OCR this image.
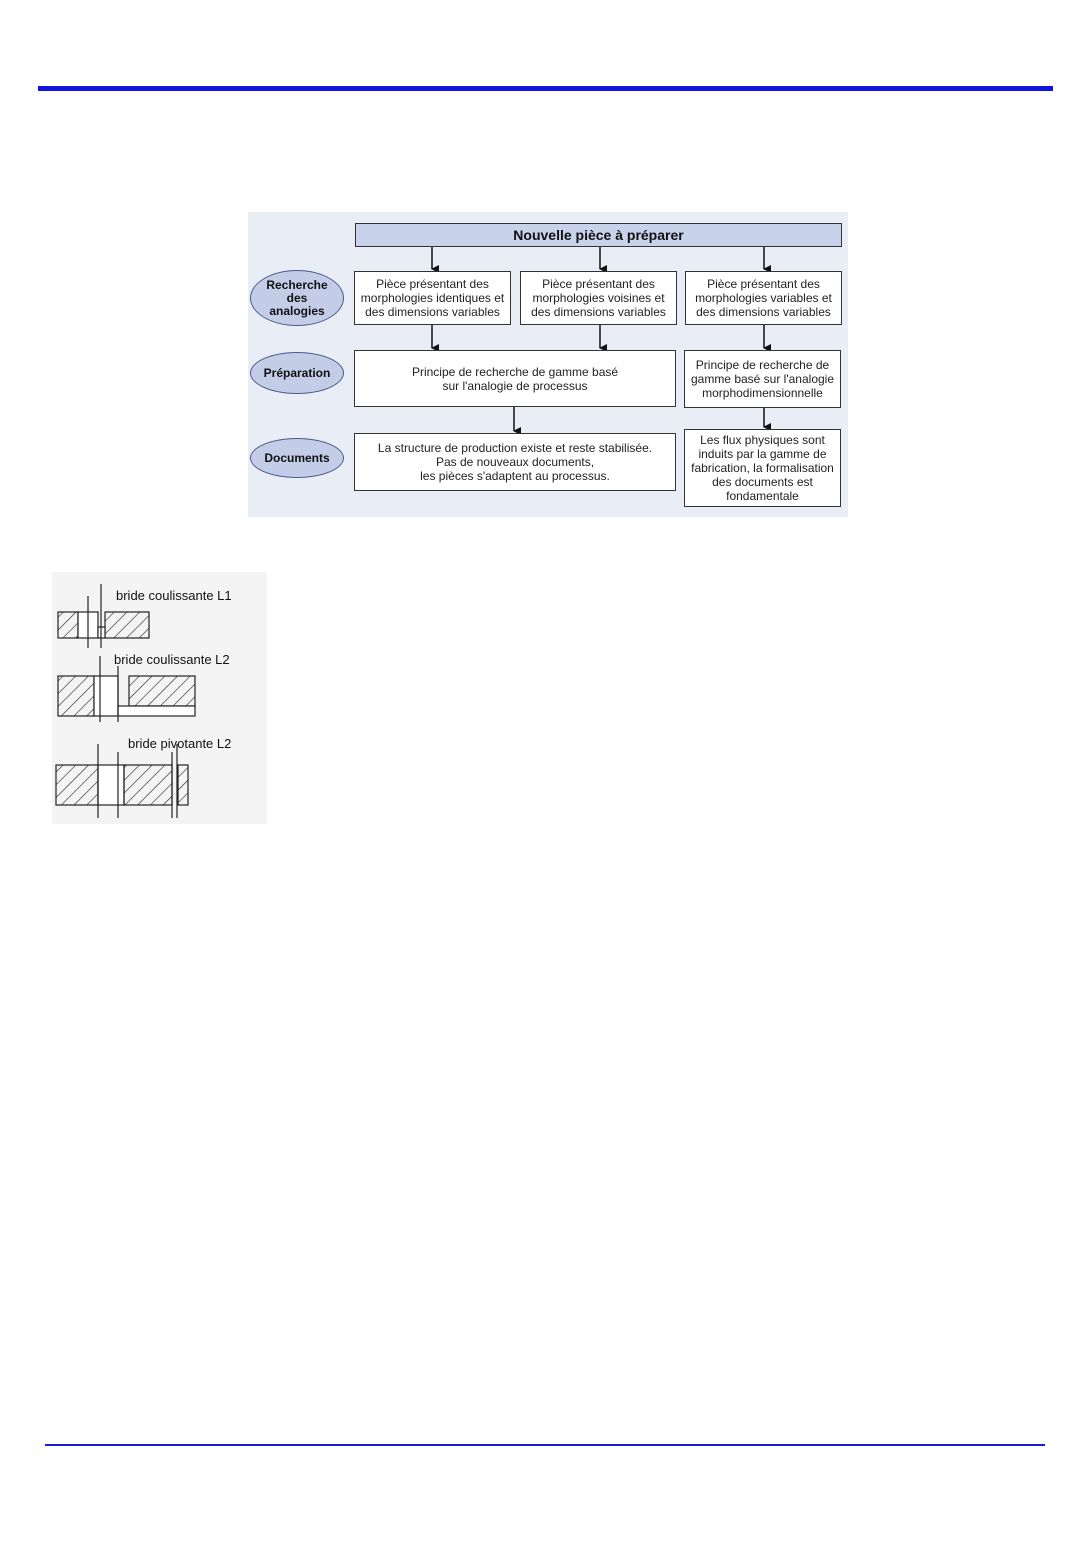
Nouvelle pièce à préparer
Recherche
des
analogies
Préparation
Documents
Pièce présentant des
morphologies identiques et
des dimensions variables
Pièce présentant des
morphologies voisines et
des dimensions variables
Pièce présentant des
morphologies variables et
des dimensions variables
Principe de recherche de gamme basé
sur l'analogie de processus
Principe de recherche de
gamme basé sur l'analogie
morphodimensionnelle
La structure de production existe et reste stabilisée.
Pas de nouveaux documents,
les pièces s'adaptent au processus.
Les flux physiques sont
induits par la gamme de
fabrication, la formalisation
des documents est
fondamentale
bride coulissante L1
bride coulissante L2
bride pivotante L2
